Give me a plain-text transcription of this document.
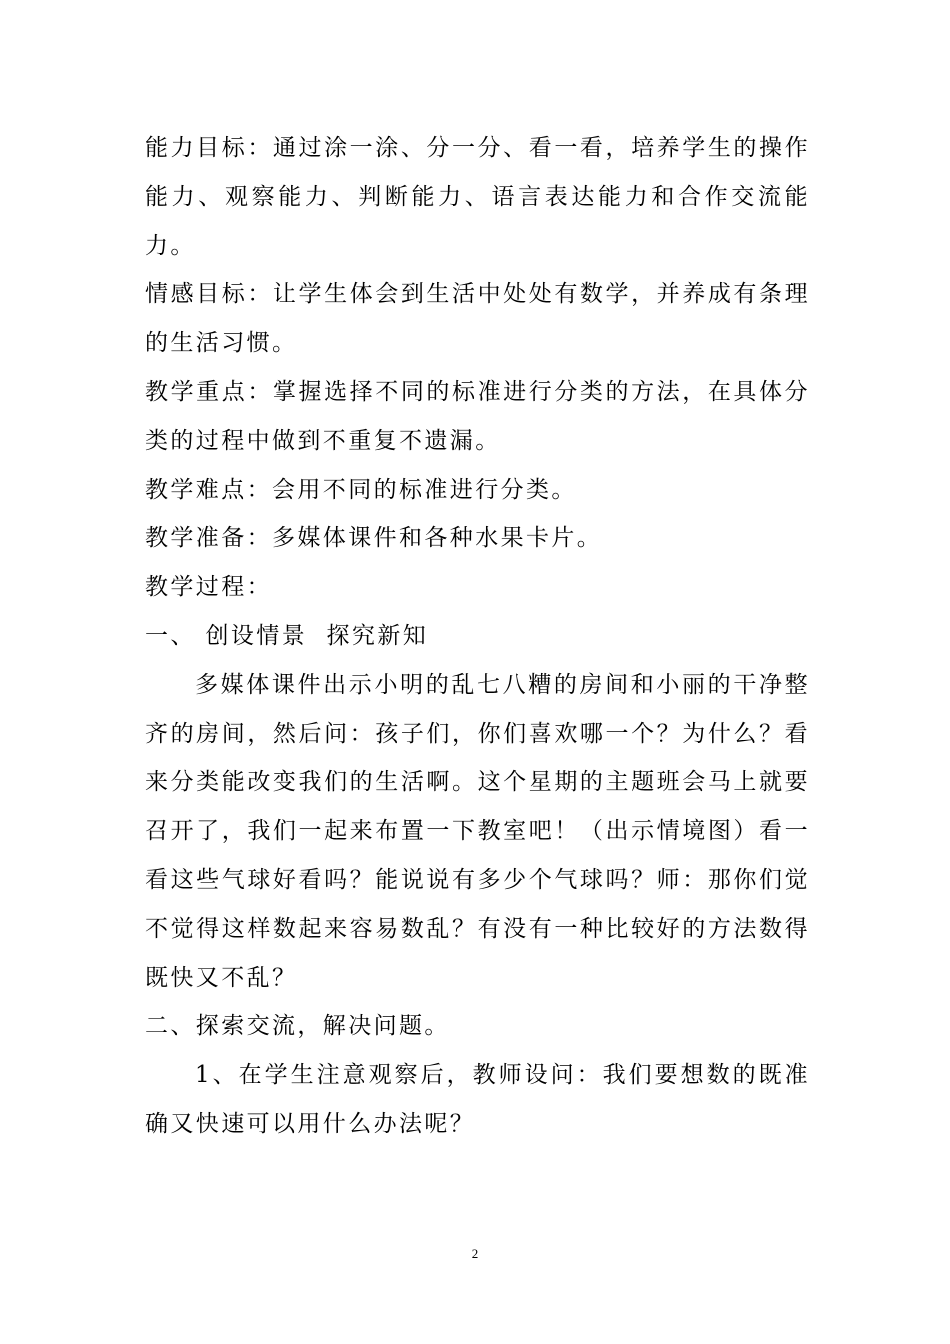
能力目标：通过涂一涂、分一分、看一看，培养学生的操作能力、观察能力、判断能力、语言表达能力和合作交流能力。

情感目标：让学生体会到生活中处处有数学，并养成有条理的生活习惯。

教学重点：掌握选择不同的标准进行分类的方法，在具体分类的过程中做到不重复不遗漏。

教学难点：会用不同的标准进行分类。

教学准备：多媒体课件和各种水果卡片。

教学过程：

一、 创设情景  探究新知

多媒体课件出示小明的乱七八糟的房间和小丽的干净整齐的房间，然后问：孩子们，你们喜欢哪一个？为什么？看来分类能改变我们的生活啊。这个星期的主题班会马上就要召开了，我们一起来布置一下教室吧！（出示情境图）看一看这些气球好看吗？能说说有多少个气球吗？师：那你们觉不觉得这样数起来容易数乱？有没有一种比较好的方法数得既快又不乱？

二、探索交流，解决问题。

1、在学生注意观察后，教师设问：我们要想数的既准确又快速可以用什么办法呢？

2
